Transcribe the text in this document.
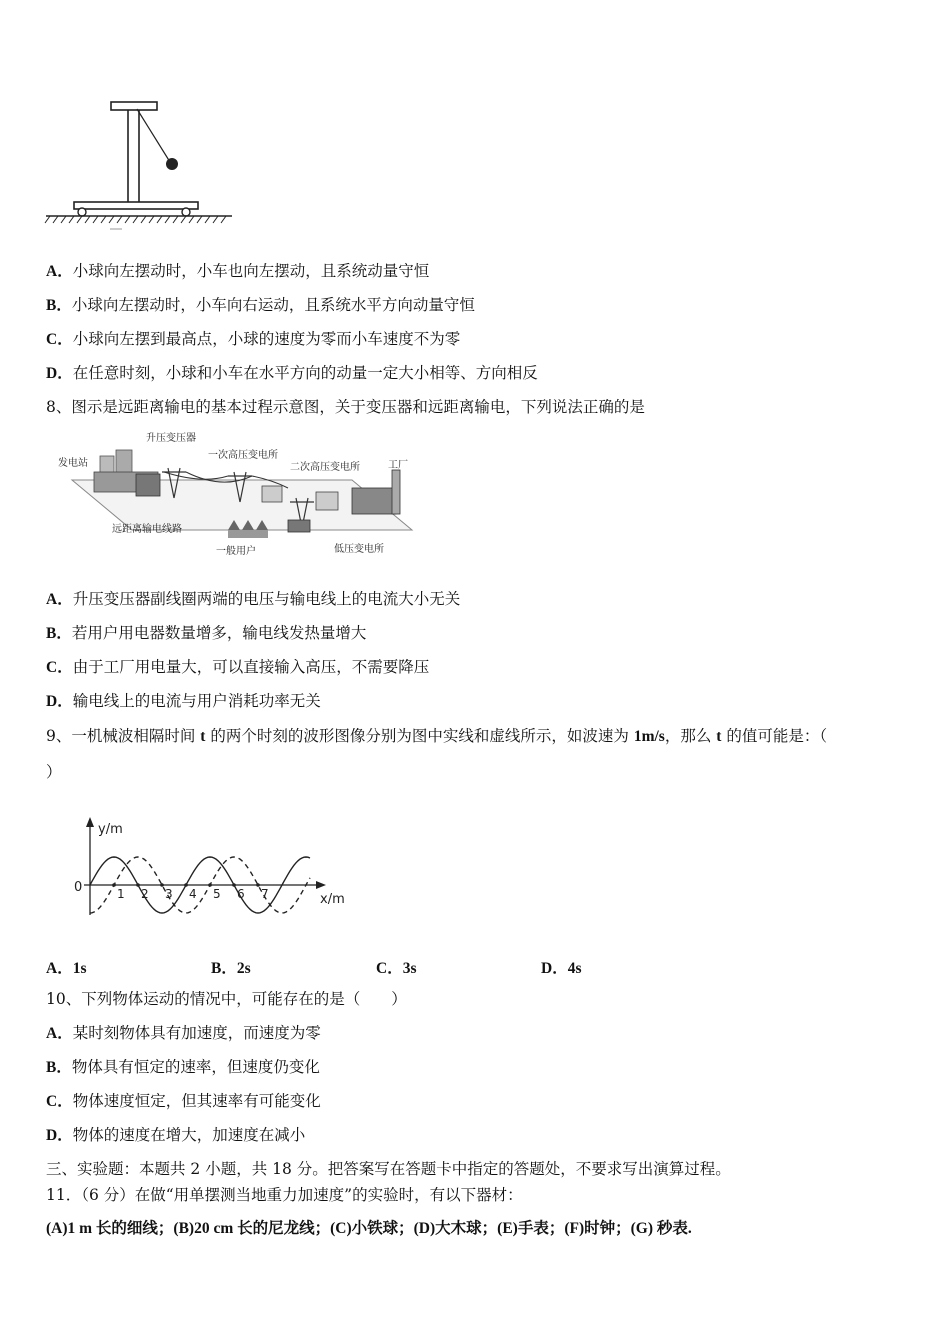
A．小球向左摆动时，小车也向左摆动，且系统动量守恒
B．小球向左摆动时，小车向右运动，且系统水平方向动量守恒
C．小球向左摆到最高点，小球的速度为零而小车速度不为零
D．在任意时刻，小球和小车在水平方向的动量一定大小相等、方向相反
8、图示是远距离输电的基本过程示意图，关于变压器和远距离输电，下列说法正确的是
发电站
升压变压器
一次高压变电所
二次高压变电所	工厂
远距离输电线路
一般用户	低压变电所
A．升压变压器副线圈两端的电压与输电线上的电流大小无关
B．若用户用电器数量增多，输电线发热量增大
C．由于工厂用电量大，可以直接输入高压，不需要降压
D．输电线上的电流与用户消耗功率无关
9、一机械波相隔时间 t 的两个时刻的波形图像分别为图中实线和虚线所示，如波速为 1m/s，那么 t 的值可能是：（
）
y/m
x/m
0	1 2 3 4 5 6 7
A．1s	B．2s	C．3s	D．4s
10、下列物体运动的情况中，可能存在的是（　　）
A．某时刻物体具有加速度，而速度为零
B．物体具有恒定的速率，但速度仍变化
C．物体速度恒定，但其速率有可能变化
D．物体的速度在增大，加速度在减小
三、实验题：本题共 2 小题，共 18 分。把答案写在答题卡中指定的答题处，不要求写出演算过程。
11．（6 分）在做“用单摆测当地重力加速度”的实验时，有以下器材：
(A)1 m 长的细线；(B)20 cm 长的尼龙线；(C)小铁球；(D)大木球；(E)手表；(F)时钟；(G) 秒表.
